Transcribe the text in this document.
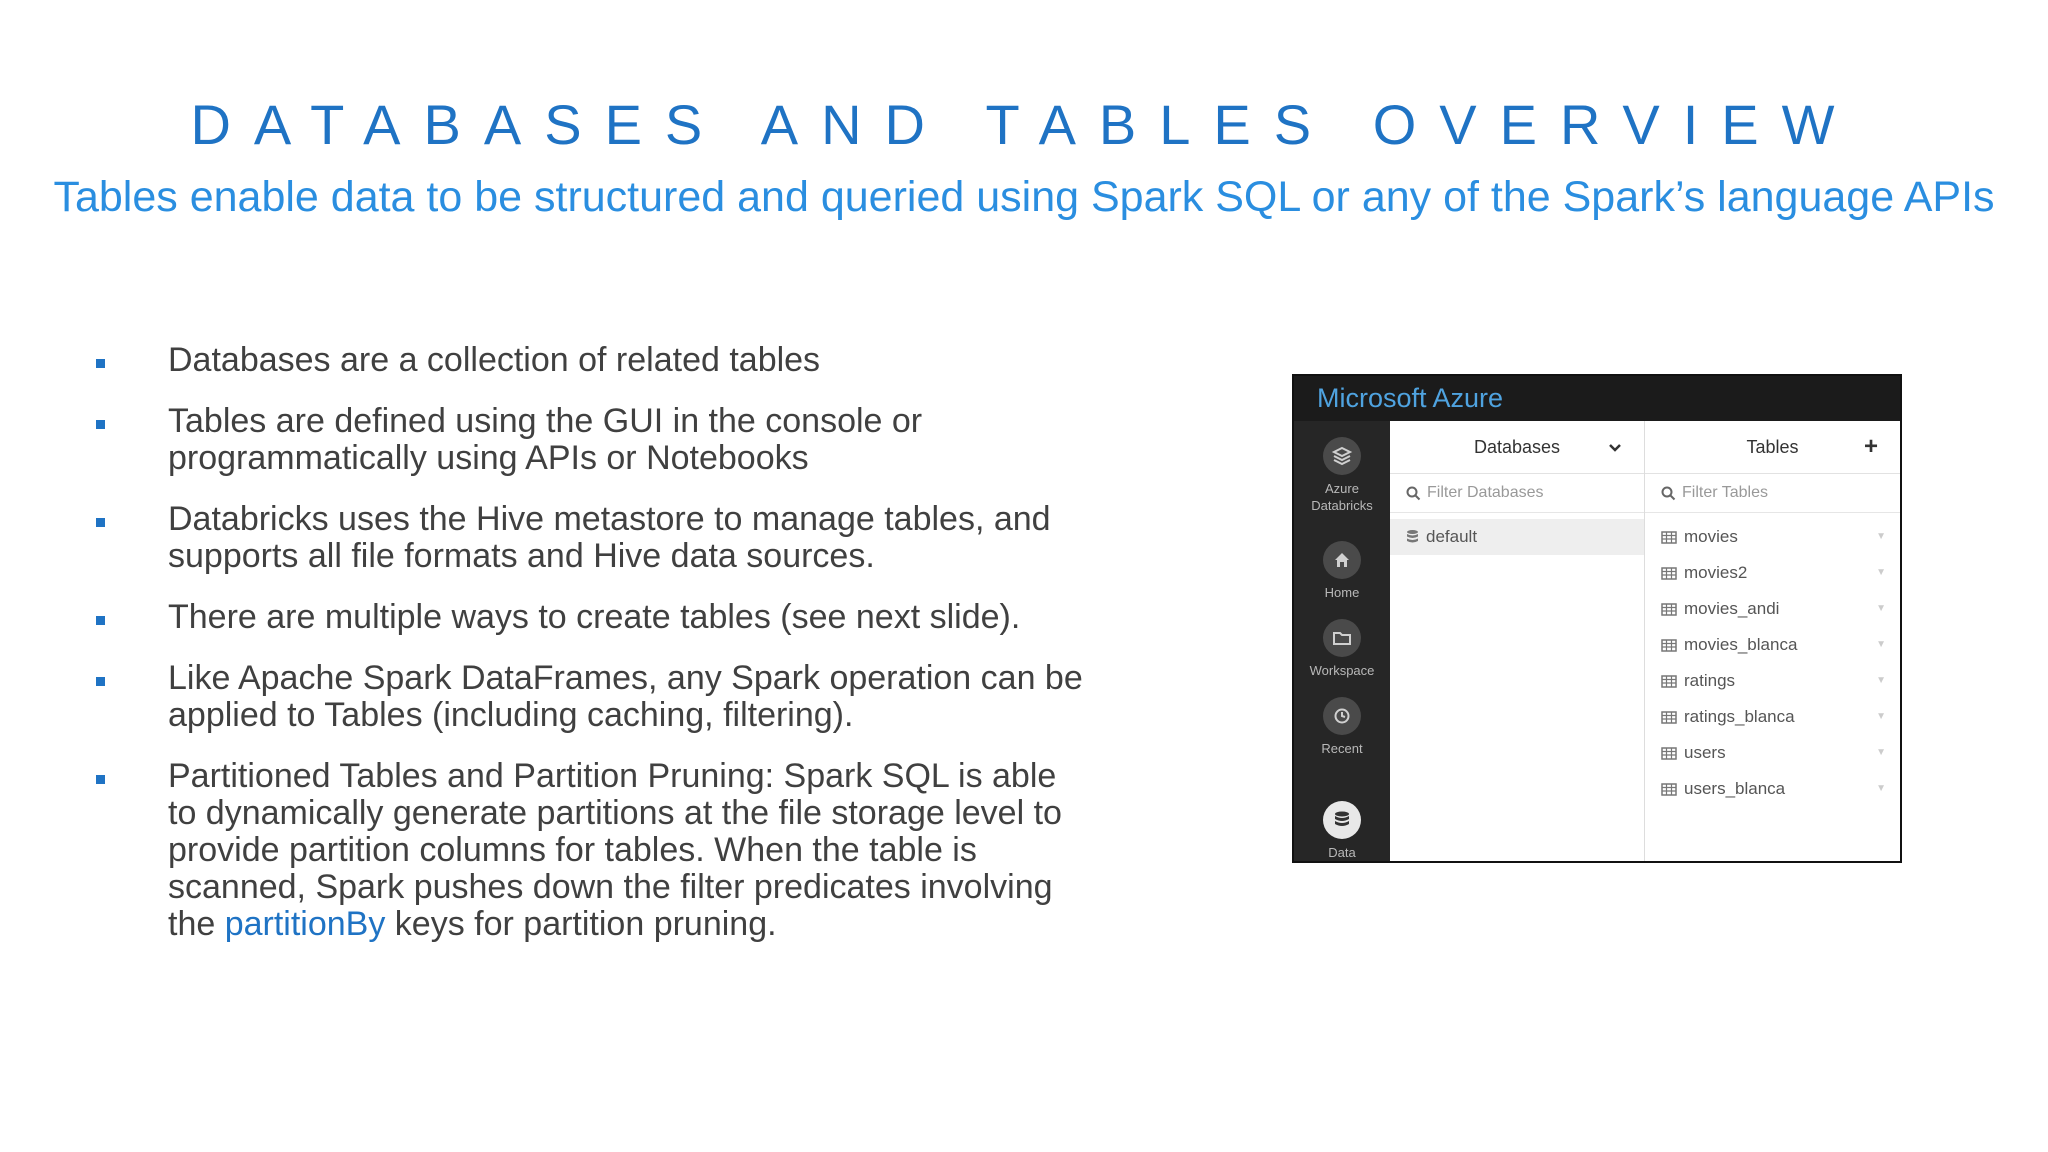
DATABASES AND TABLES OVERVIEW
Tables enable data to be structured and queried using Spark SQL or any of the Spark’s language APIs
Databases are a collection of related tables
Tables are defined using the GUI in the console or programmatically using APIs or Notebooks
Databricks uses the Hive metastore to manage tables, and supports all file formats and Hive data sources.
There are multiple ways to create tables (see next slide).
Like Apache Spark DataFrames, any Spark operation can be applied to Tables (including caching, filtering).
Partitioned Tables and Partition Pruning: Spark SQL is able to dynamically generate partitions at the file storage level to provide partition columns for tables. When the table is scanned, Spark pushes down the filter predicates involving the partitionBy keys for partition pruning.
Microsoft Azure
Azure Databricks
Home
Workspace
Recent
Data
Databases
Filter Databases
default
Tables	+
Filter Tables
movies	▼
movies2	▼
movies_andi	▼
movies_blanca	▼
ratings	▼
ratings_blanca	▼
users	▼
users_blanca	▼
